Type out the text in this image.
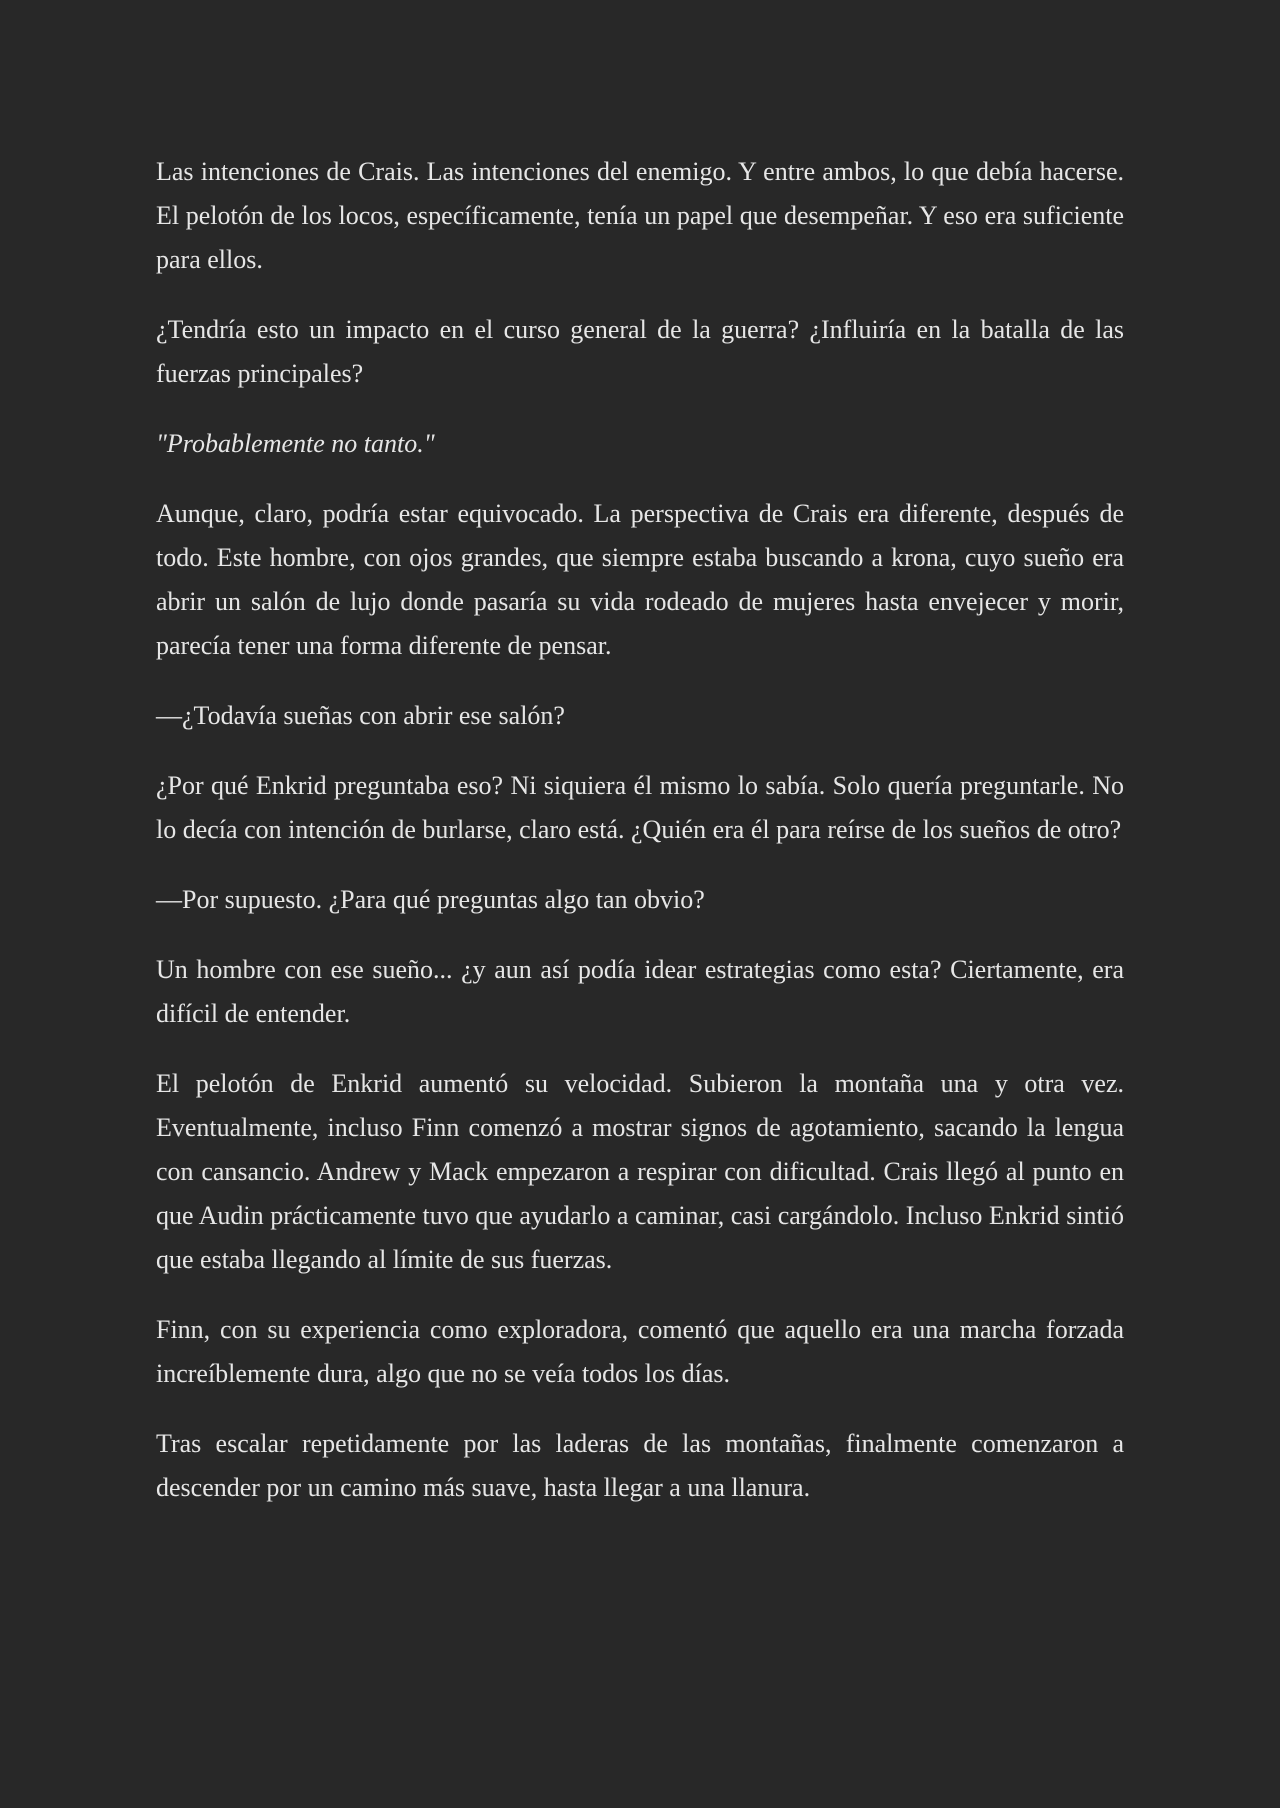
Las intenciones de Crais. Las intenciones del enemigo. Y entre ambos, lo que debía hacerse. El pelotón de los locos, específicamente, tenía un papel que desempeñar. Y eso era suficiente para ellos.

¿Tendría esto un impacto en el curso general de la guerra? ¿Influiría en la batalla de las fuerzas principales?

"Probablemente no tanto."

Aunque, claro, podría estar equivocado. La perspectiva de Crais era diferente, después de todo. Este hombre, con ojos grandes, que siempre estaba buscando a krona, cuyo sueño era abrir un salón de lujo donde pasaría su vida rodeado de mujeres hasta envejecer y morir, parecía tener una forma diferente de pensar.

—¿Todavía sueñas con abrir ese salón?

¿Por qué Enkrid preguntaba eso? Ni siquiera él mismo lo sabía. Solo quería preguntarle. No lo decía con intención de burlarse, claro está. ¿Quién era él para reírse de los sueños de otro?

—Por supuesto. ¿Para qué preguntas algo tan obvio?

Un hombre con ese sueño... ¿y aun así podía idear estrategias como esta? Ciertamente, era difícil de entender.

El pelotón de Enkrid aumentó su velocidad. Subieron la montaña una y otra vez. Eventualmente, incluso Finn comenzó a mostrar signos de agotamiento, sacando la lengua con cansancio. Andrew y Mack empezaron a respirar con dificultad. Crais llegó al punto en que Audin prácticamente tuvo que ayudarlo a caminar, casi cargándolo. Incluso Enkrid sintió que estaba llegando al límite de sus fuerzas.

Finn, con su experiencia como exploradora, comentó que aquello era una marcha forzada increíblemente dura, algo que no se veía todos los días.

Tras escalar repetidamente por las laderas de las montañas, finalmente comenzaron a descender por un camino más suave, hasta llegar a una llanura.
